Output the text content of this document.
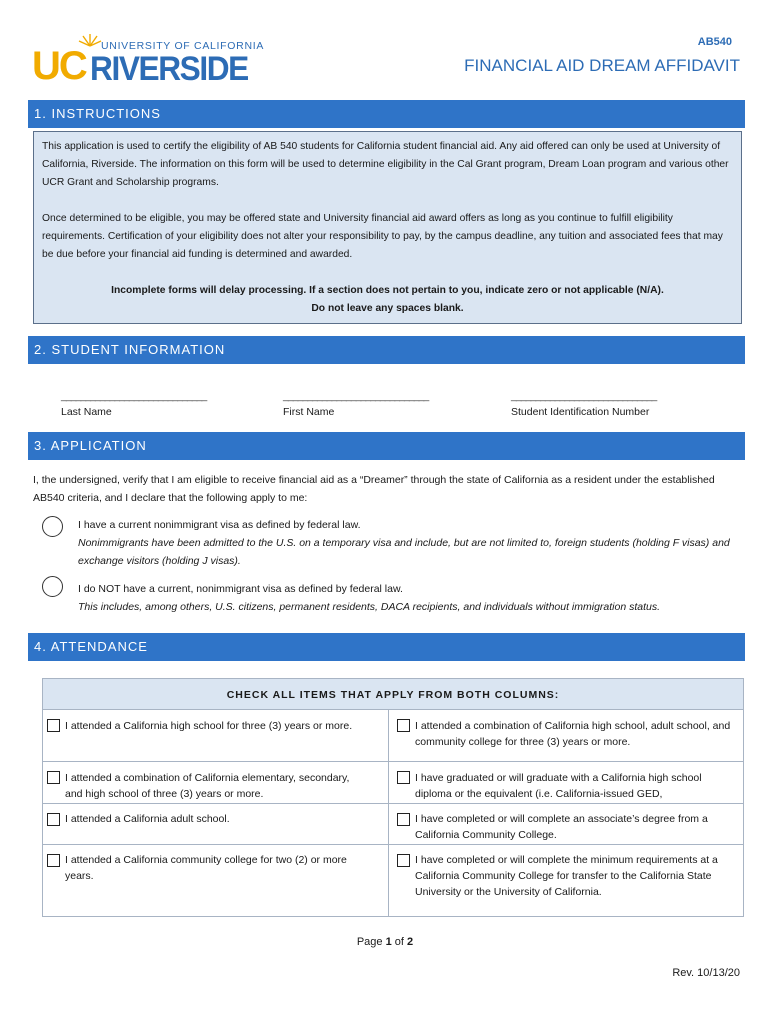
UNIVERSITY OF CALIFORNIA
UC RIVERSIDE
AB540
FINANCIAL AID DREAM AFFIDAVIT
1. INSTRUCTIONS

This application is used to certify the eligibility of AB 540 students for California student financial aid. Any aid offered can only be used at University of California, Riverside. The information on this form will be used to determine eligibility in the Cal Grant program, Dream Loan program and various other UCR Grant and Scholarship programs.

Once determined to be eligible, you may be offered state and University financial aid award offers as long as you continue to fulfill eligibility requirements. Certification of your eligibility does not alter your responsibility to pay, by the campus deadline, any tuition and associated fees that may be due before your financial aid funding is determined and awarded.

Incomplete forms will delay processing. If a section does not pertain to you, indicate zero or not applicable (N/A).

Do not leave any spaces blank.

2. STUDENT INFORMATION
______________________________
Last Name
______________________________
First Name
______________________________
Student Identification Number
3. APPLICATION
I, the undersigned, verify that I am eligible to receive financial aid as a “Dreamer” through the state of California as a resident under the established AB540 criteria, and I declare that the following apply to me:
I have a current nonimmigrant visa as defined by federal law.
Nonimmigrants have been admitted to the U.S. on a temporary visa and include, but are not limited to, foreign students (holding F visas) and exchange visitors (holding J visas).
I do NOT have a current, nonimmigrant visa as defined by federal law.
This includes, among others, U.S. citizens, permanent residents, DACA recipients, and individuals without immigration status.
4. ATTENDANCE
CHECK ALL ITEMS THAT APPLY FROM BOTH COLUMNS:
I attended a California high school for three (3) years or more.
I attended a combination of California elementary, secondary, and high school of three (3) years or more.
I attended a California adult school.
I attended a California community college for two (2) or more years.
I attended a combination of California high school, adult school, and community college for three (3) years or more.
I have graduated or will graduate with a California high school diploma or the equivalent (i.e. California-issued GED,
I have completed or will complete an associate’s degree from a California Community College.
I have completed or will complete the minimum requirements at a California Community College for transfer to the California State University or the University of California.
Page 1 of 2
Rev. 10/13/20
